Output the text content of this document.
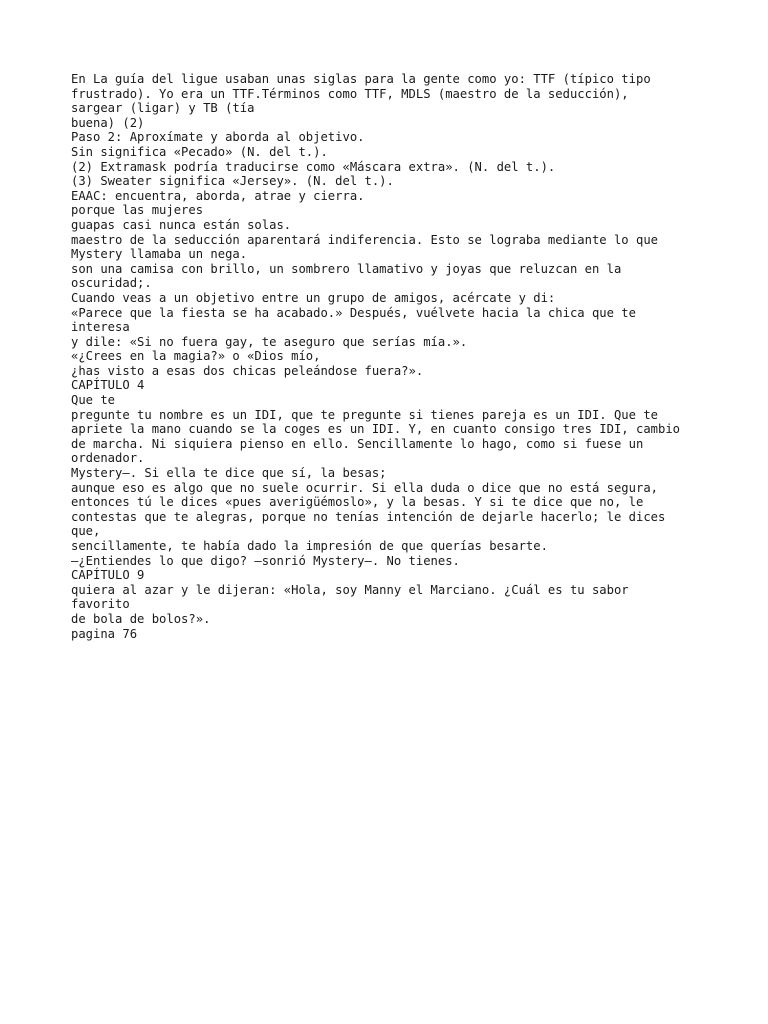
En La guía del ligue usaban unas siglas para la gente como yo: TTF (típico tipo
frustrado). Yo era un TTF.Términos como TTF, MDLS (maestro de la seducción),
sargear (ligar) y TB (tía
buena) (2)
Paso 2: Aproxímate y aborda al objetivo.
Sin significa «Pecado» (N. del t.).
(2) Extramask podría traducirse como «Máscara extra». (N. del t.).
(3) Sweater significa «Jersey». (N. del t.).
EAAC: encuentra, aborda, atrae y cierra.
porque las mujeres
guapas casi nunca están solas.
maestro de la seducción aparentará indiferencia. Esto se lograba mediante lo que
Mystery llamaba un nega.
son una camisa con brillo, un sombrero llamativo y joyas que reluzcan en la
oscuridad;.
Cuando veas a un objetivo entre un grupo de amigos, acércate y di:
«Parece que la fiesta se ha acabado.» Después, vuélvete hacia la chica que te
interesa
y dile: «Si no fuera gay, te aseguro que serías mía.».
«¿Crees en la magia?» o «Dios mío,
¿has visto a esas dos chicas peleándose fuera?».
CAPÍTULO 4
Que te
pregunte tu nombre es un IDI, que te pregunte si tienes pareja es un IDI. Que te
apriete la mano cuando se la coges es un IDI. Y, en cuanto consigo tres IDI, cambio
de marcha. Ni siquiera pienso en ello. Sencillamente lo hago, como si fuese un
ordenador.
Mystery—. Si ella te dice que sí, la besas;
aunque eso es algo que no suele ocurrir. Si ella duda o dice que no está segura,
entonces tú le dices «pues averigüémoslo», y la besas. Y si te dice que no, le
contestas que te alegras, porque no tenías intención de dejarle hacerlo; le dices
que,
sencillamente, te había dado la impresión de que querías besarte.
—¿Entiendes lo que digo? —sonrió Mystery—. No tienes.
CAPÍTULO 9
quiera al azar y le dijeran: «Hola, soy Manny el Marciano. ¿Cuál es tu sabor
favorito
de bola de bolos?».
pagina 76
